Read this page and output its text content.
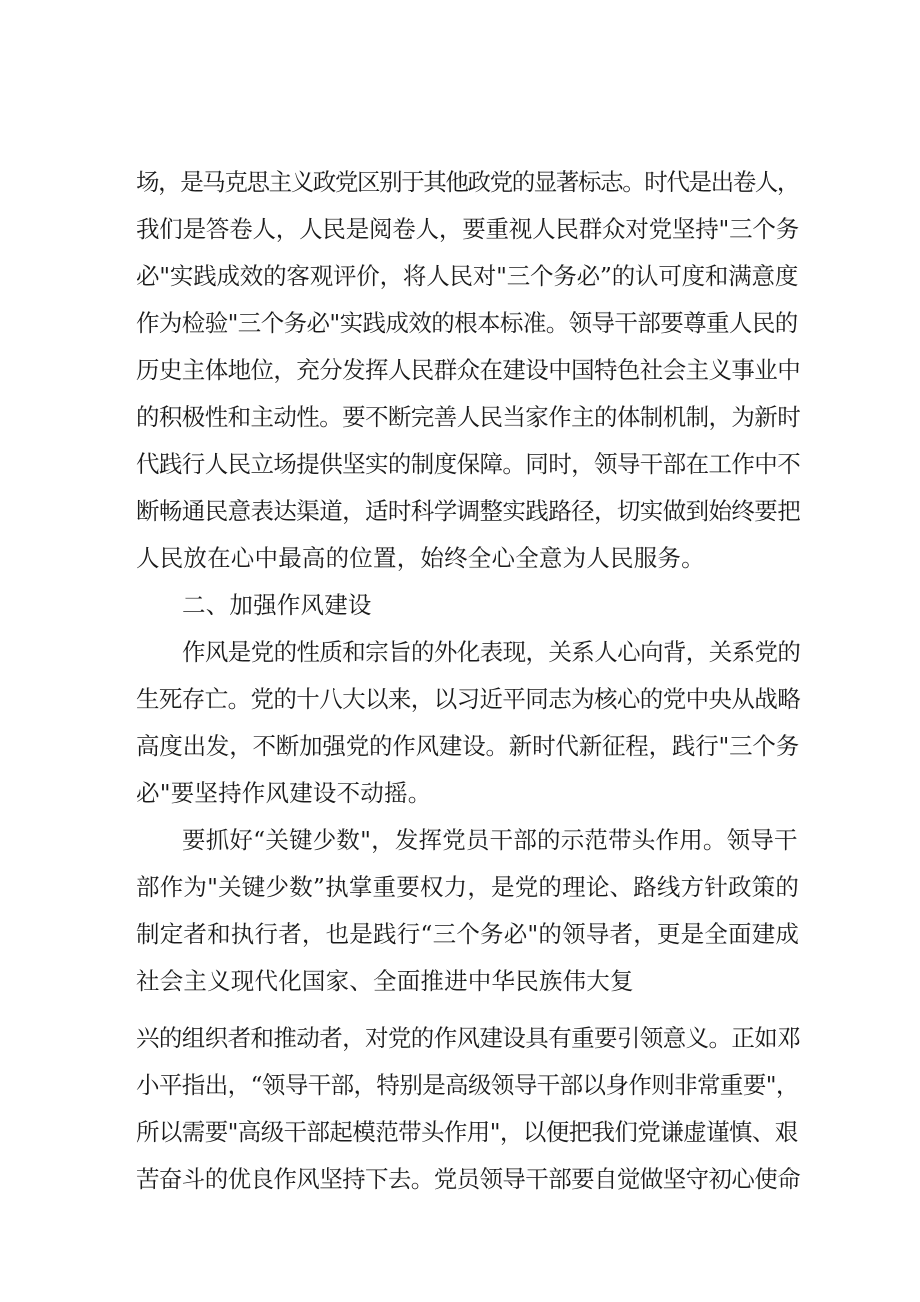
场，是马克思主义政党区别于其他政党的显著标志。时代是出卷人，
我们是答卷人，人民是阅卷人，要重视人民群众对党坚持"三个务
必"实践成效的客观评价，将人民对"三个务必”的认可度和满意度
作为检验"三个务必"实践成效的根本标准。领导干部要尊重人民的
历史主体地位，充分发挥人民群众在建设中国特色社会主义事业中
的积极性和主动性。要不断完善人民当家作主的体制机制，为新时
代践行人民立场提供坚实的制度保障。同时，领导干部在工作中不
断畅通民意表达渠道，适时科学调整实践路径，切实做到始终要把
人民放在心中最高的位置，始终全心全意为人民服务。
二、加强作风建设
作风是党的性质和宗旨的外化表现，关系人心向背，关系党的
生死存亡。党的十八大以来，以习近平同志为核心的党中央从战略
高度出发，不断加强党的作风建设。新时代新征程，践行"三个务
必"要坚持作风建设不动摇。
要抓好“关键少数"，发挥党员干部的示范带头作用。领导干
部作为"关键少数”执掌重要权力，是党的理论、路线方针政策的
制定者和执行者，也是践行“三个务必"的领导者，更是全面建成
社会主义现代化国家、全面推进中华民族伟大复
兴的组织者和推动者，对党的作风建设具有重要引领意义。正如邓
小平指出，“领导干部，特别是高级领导干部以身作则非常重要"，
所以需要"高级干部起模范带头作用"，以便把我们党谦虚谨慎、艰
苦奋斗的优良作风坚持下去。党员领导干部要自觉做坚守初心使命
